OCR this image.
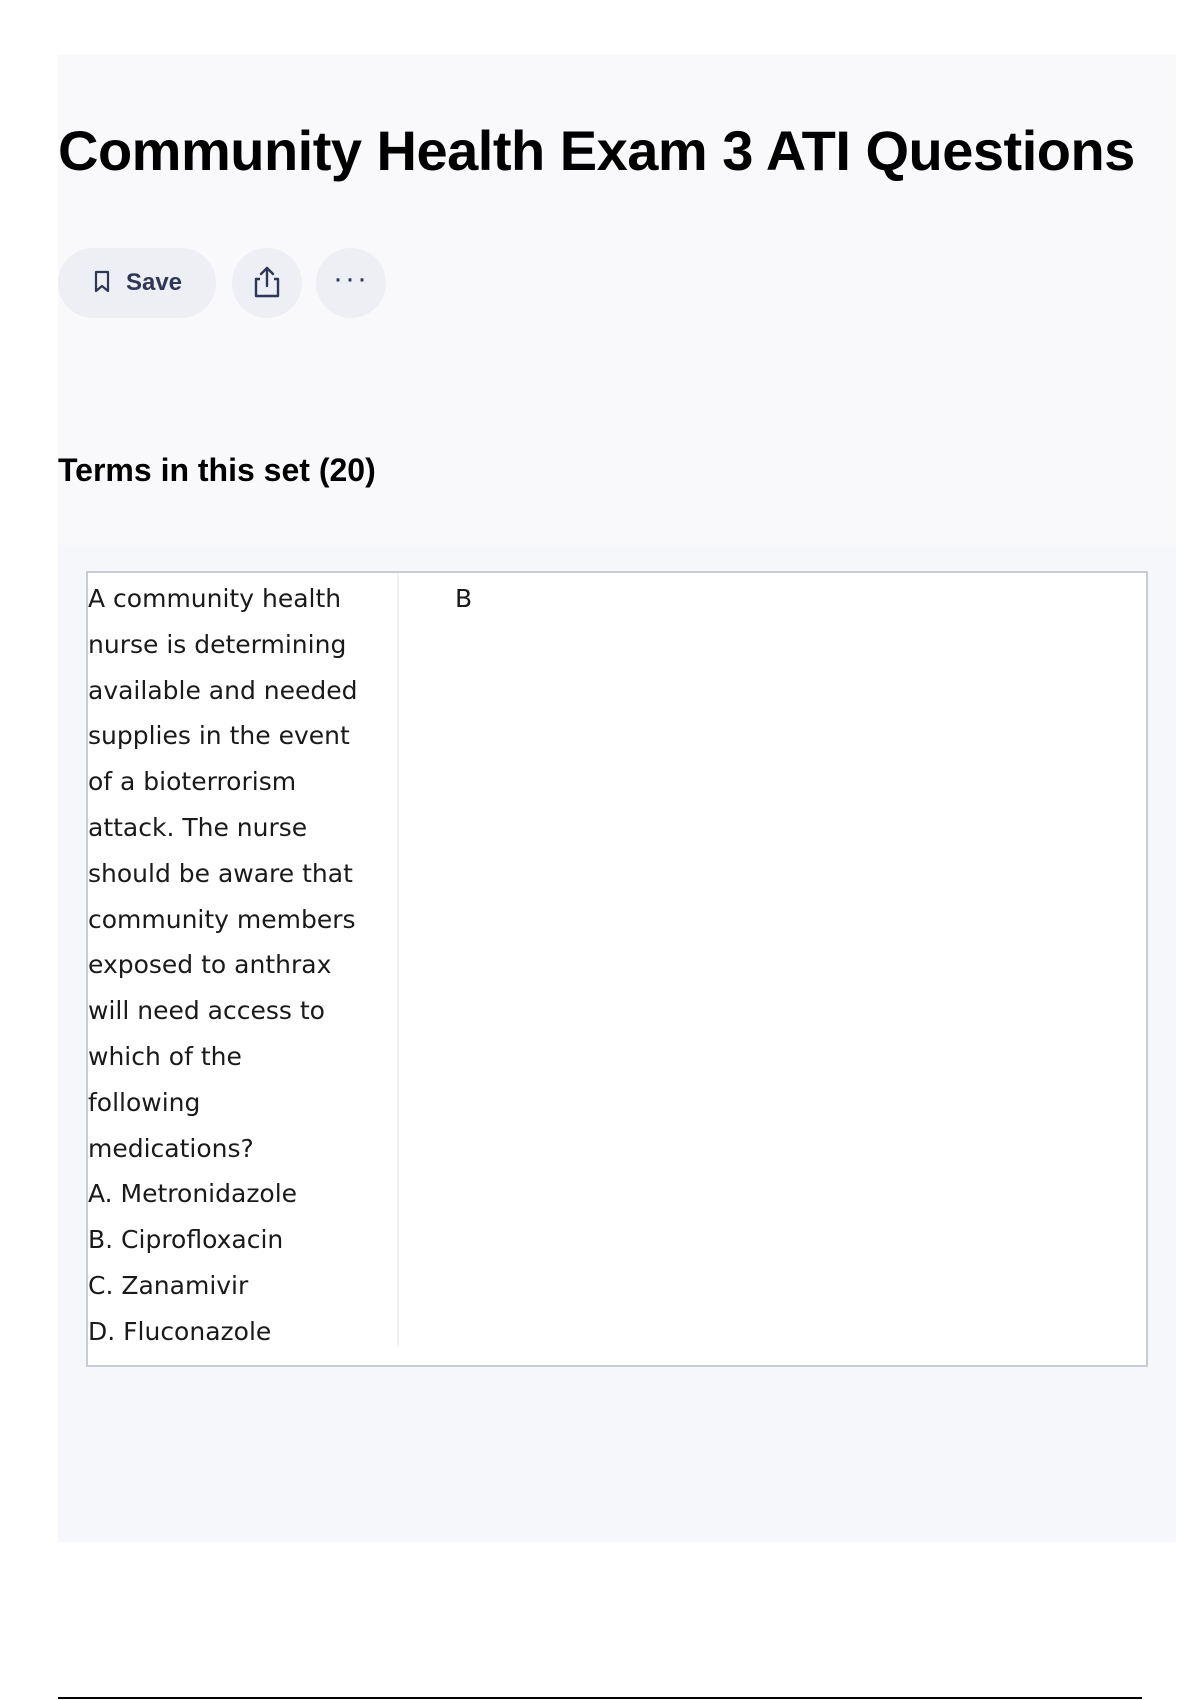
Community Health Exam 3 ATI Questions
Save	···
Terms in this set (20)
A community health
nurse is determining
available and needed
supplies in the event
of a bioterrorism
attack. The nurse
should be aware that
community members
exposed to anthrax
will need access to
which of the
following
medications?
A. Metronidazole
B. Ciprofloxacin
C. Zanamivir
D. Fluconazole
B
